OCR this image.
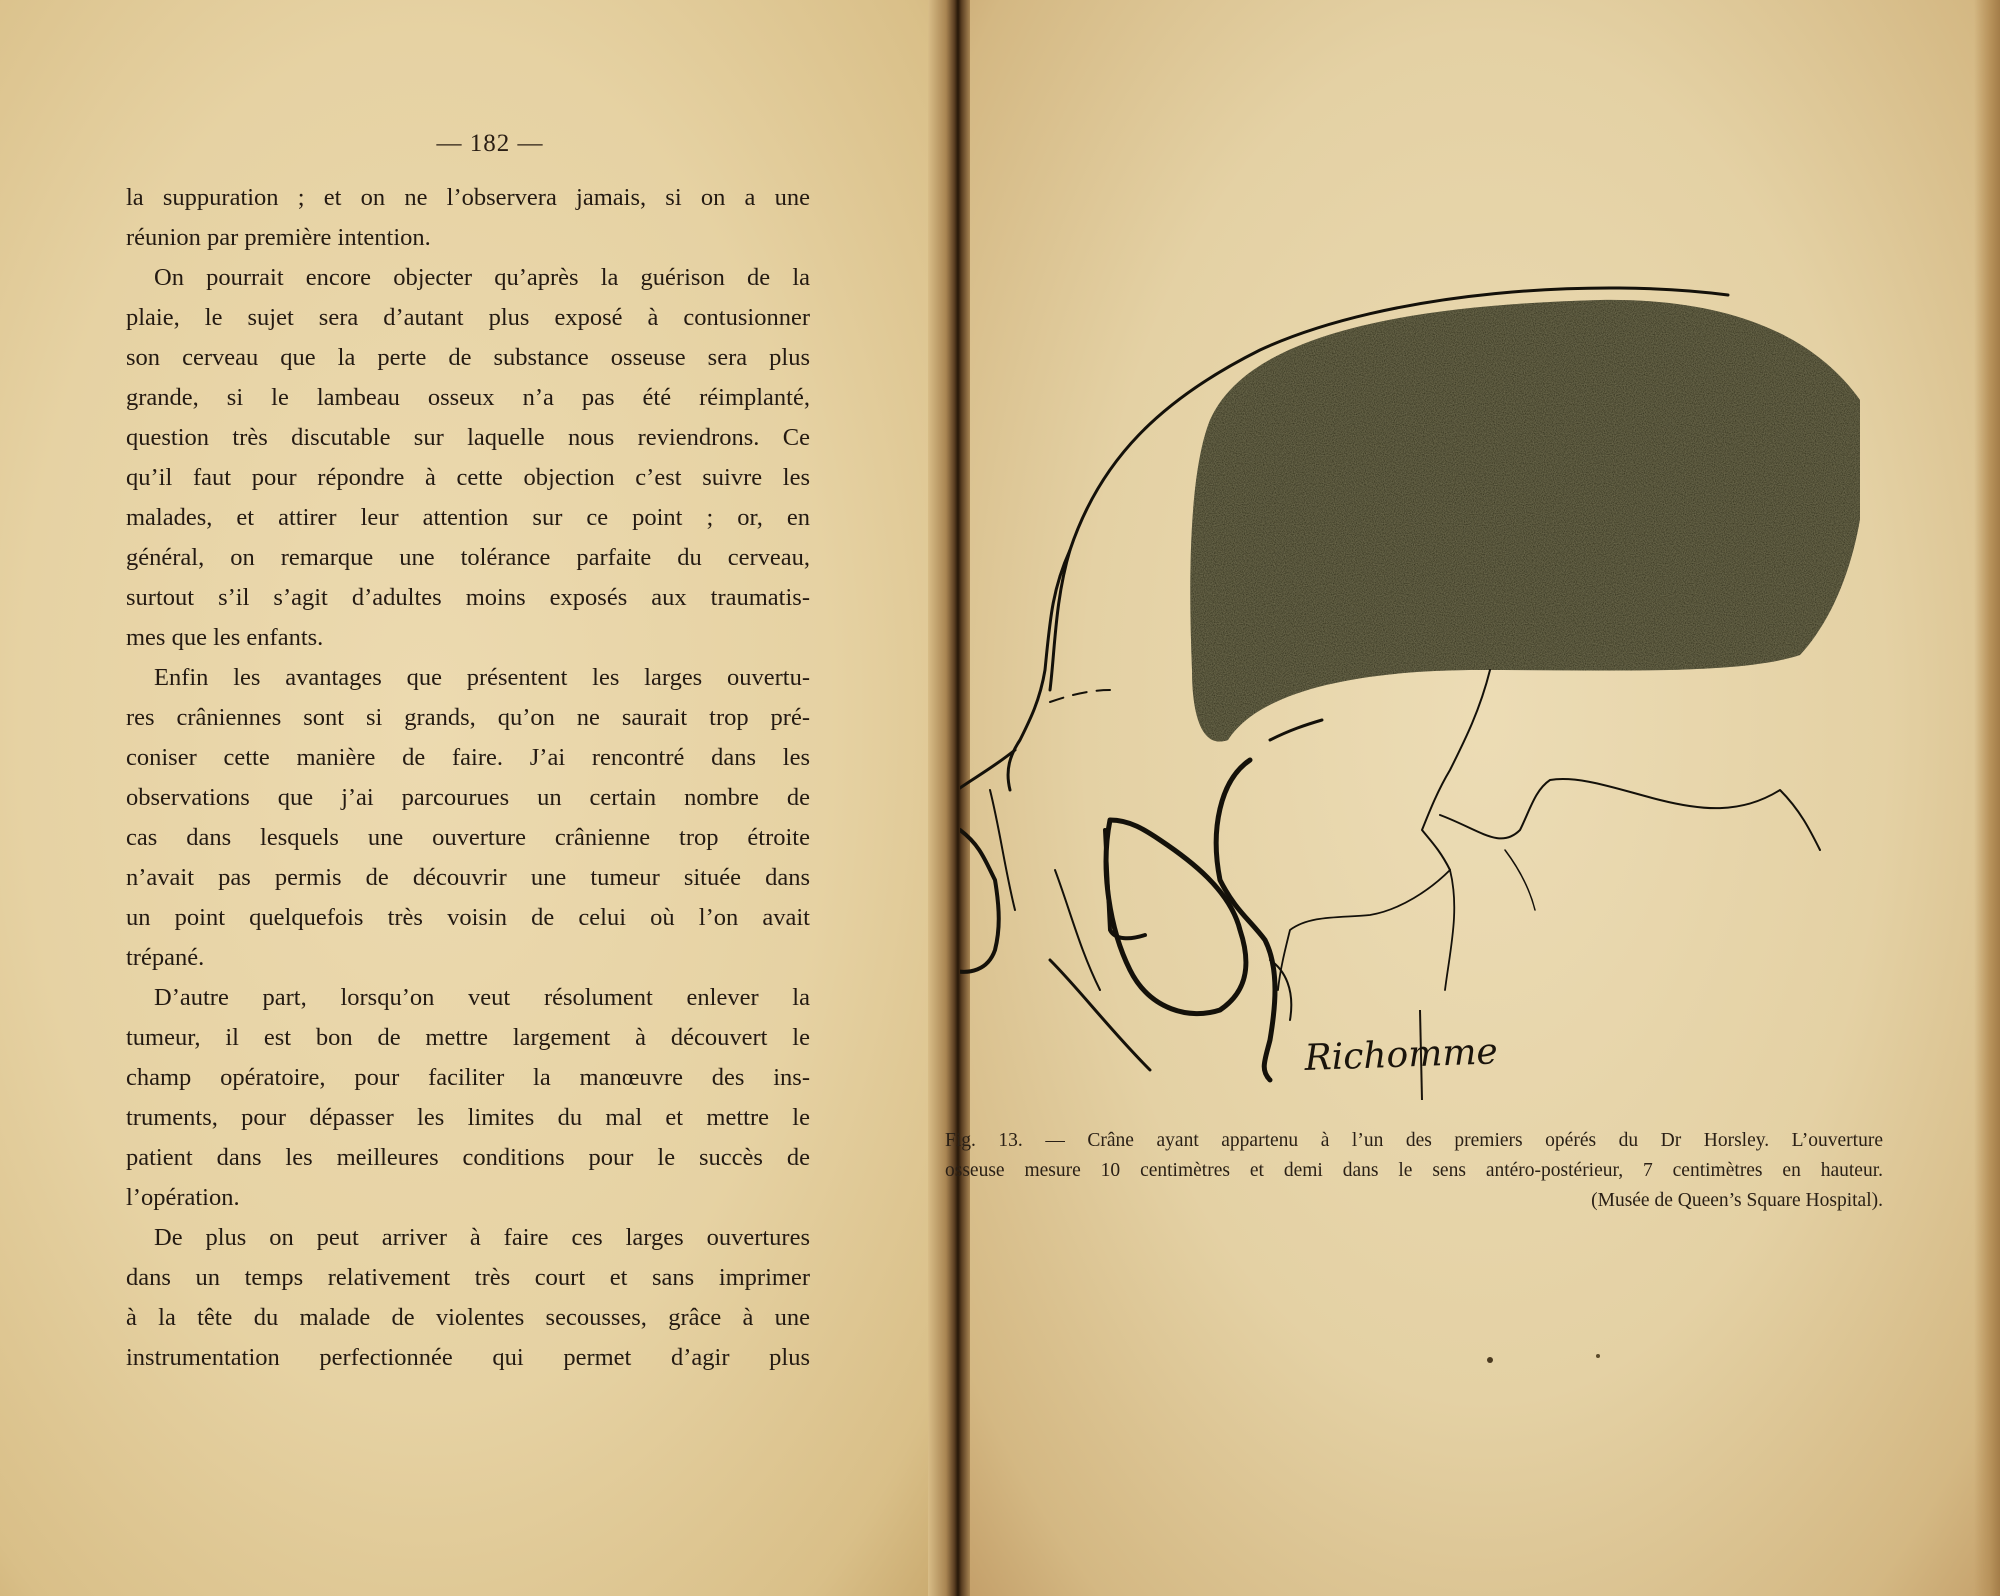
— 182 —
la suppuration ; et on ne l’observera jamais, si on a une
réunion par première intention.
On pourrait encore objecter qu’après la guérison de la
plaie, le sujet sera d’autant plus exposé à contusionner
son cerveau que la perte de substance osseuse sera plus
grande, si le lambeau osseux n’a pas été réimplanté,
question très discutable sur laquelle nous reviendrons. Ce
qu’il faut pour répondre à cette objection c’est suivre les
malades, et attirer leur attention sur ce point ; or, en
général, on remarque une tolérance parfaite du cerveau,
surtout s’il s’agit d’adultes moins exposés aux traumatis-
mes que les enfants.
Enfin les avantages que présentent les larges ouvertu-
res crâniennes sont si grands, qu’on ne saurait trop pré-
coniser cette manière de faire. J’ai rencontré dans les
observations que j’ai parcourues un certain nombre de
cas dans lesquels une ouverture crânienne trop étroite
n’avait pas permis de découvrir une tumeur située dans
un point quelquefois très voisin de celui où l’on avait
trépané.
D’autre part, lorsqu’on veut résolument enlever la
tumeur, il est bon de mettre largement à découvert le
champ opératoire, pour faciliter la manœuvre des ins-
truments, pour dépasser les limites du mal et mettre le
patient dans les meilleures conditions pour le succès de
l’opération.
De plus on peut arriver à faire ces larges ouvertures
dans un temps relativement très court et sans imprimer
à la tête du malade de violentes secousses, grâce à une
instrumentation perfectionnée qui permet d’agir plus
Richomme
Fig. 13. — Crâne ayant appartenu à l’un des premiers opérés du Dr Horsley. L’ouverture
osseuse mesure 10 centimètres et demi dans le sens antéro-postérieur, 7 centimètres en hauteur.
(Musée de Queen’s Square Hospital).
